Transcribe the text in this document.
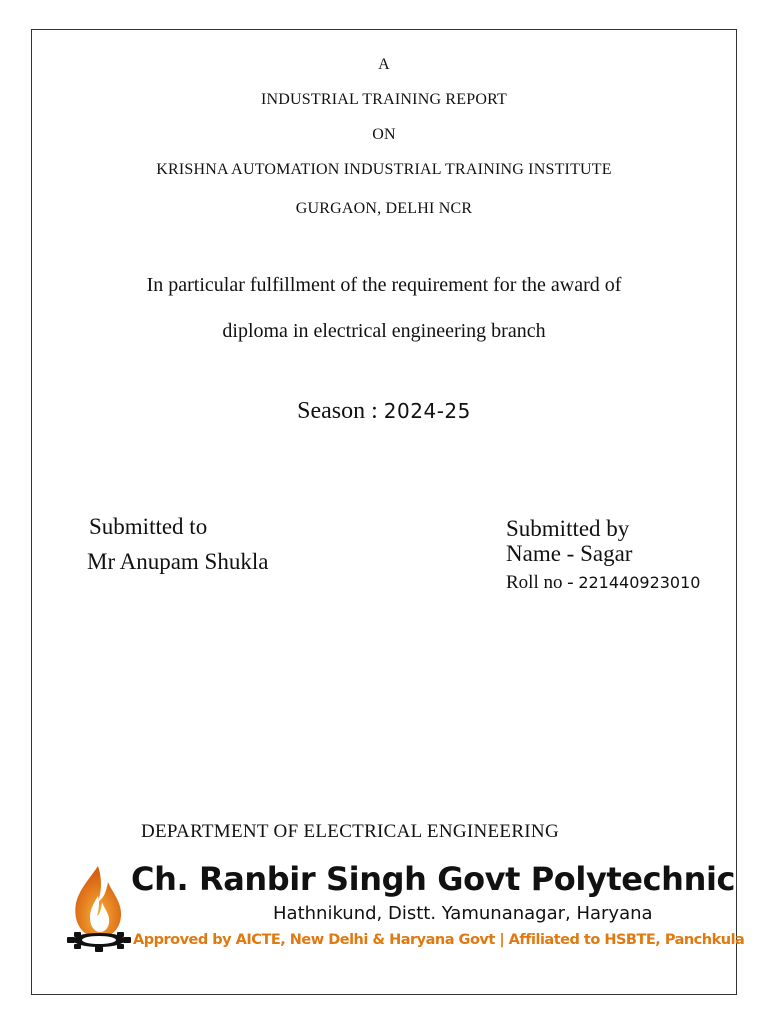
A
INDUSTRIAL TRAINING REPORT
ON
KRISHNA AUTOMATION INDUSTRIAL TRAINING INSTITUTE
GURGAON, DELHI NCR
In particular fulfillment of the requirement for the award of
diploma in electrical engineering branch
Season : 2024-25
Submitted to
Mr Anupam Shukla
Submitted by
Name - Sagar
Roll no - 221440923010
DEPARTMENT OF ELECTRICAL ENGINEERING
Ch. Ranbir Singh Govt Polytechnic
Hathnikund, Distt. Yamunanagar, Haryana
Approved by AICTE, New Delhi & Haryana Govt | Affiliated to HSBTE, Panchkula
